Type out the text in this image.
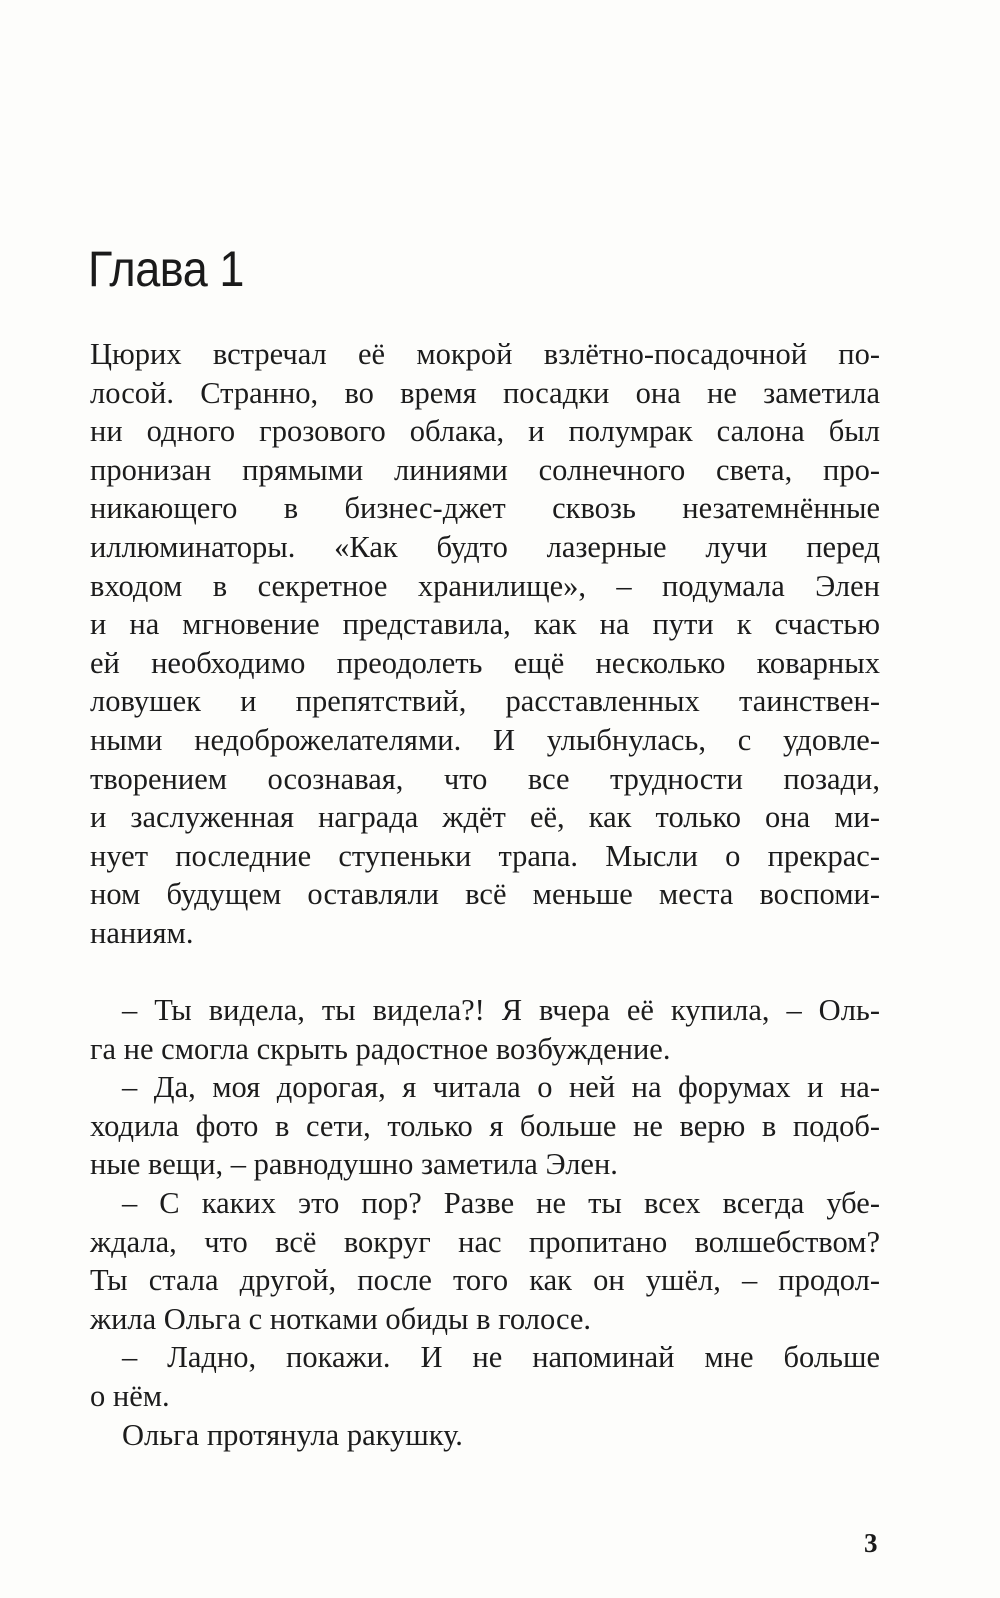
Глава 1
Цюрих встречал её мокрой взлётно-посадочной по-
лосой. Странно, во время посадки она не заметила
ни одного грозового облака, и полумрак салона был
пронизан прямыми линиями солнечного света, про-
никающего в бизнес-джет сквозь незатемнённые
иллюминаторы. «Как будто лазерные лучи перед
входом в секретное хранилище», – подумала Элен
и на мгновение представила, как на пути к счастью
ей необходимо преодолеть ещё несколько коварных
ловушек и препятствий, расставленных таинствен-
ными недоброжелателями. И улыбнулась, с удовле-
творением осознавая, что все трудности позади,
и заслуженная награда ждёт её, как только она ми-
нует последние ступеньки трапа. Мысли о прекрас-
ном будущем оставляли всё меньше места воспоми-
наниям.
– Ты видела, ты видела?! Я вчера её купила, – Оль-
га не смогла скрыть радостное возбуждение.
– Да, моя дорогая, я читала о ней на форумах и на-
ходила фото в сети, только я больше не верю в подоб-
ные вещи, – равнодушно заметила Элен.
– С каких это пор? Разве не ты всех всегда убе-
ждала, что всё вокруг нас пропитано волшебством?
Ты стала другой, после того как он ушёл, – продол-
жила Ольга с нотками обиды в голосе.
– Ладно, покажи. И не напоминай мне больше
о нём.
Ольга протянула ракушку.
3
